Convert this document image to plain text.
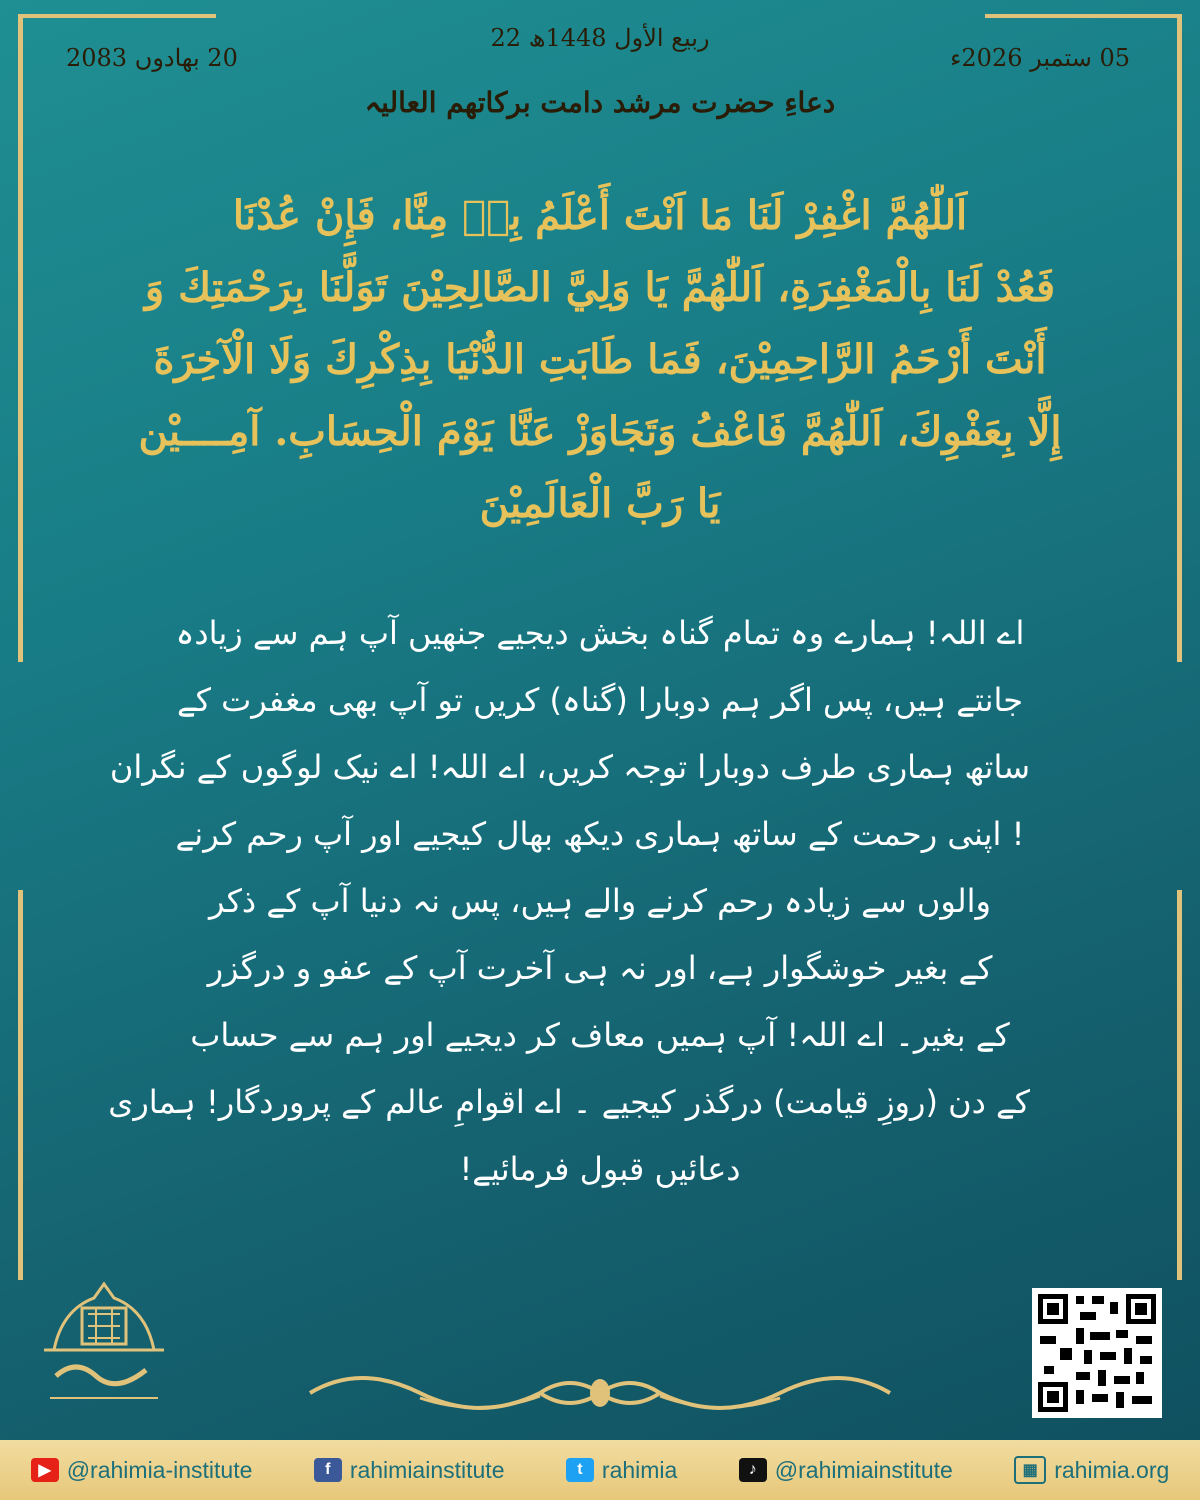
22 ربیع الأول 1448ھ
05 ستمبر 2026ء
20 بھادوں 2083
دعاءِ حضرت مرشد دامت برکاتھم العالیہ
اَللّٰهُمَّ اغْفِرْ لَنَا مَا اَنْتَ أَعْلَمُ بِهٖ مِنَّا، فَإِنْ عُدْنَا
فَعُدْ لَنَا بِالْمَغْفِرَةِ، اَللّٰهُمَّ يَا وَلِيَّ الصَّالِحِيْنَ تَوَلَّنَا بِرَحْمَتِكَ وَ
أَنْتَ أَرْحَمُ الرَّاحِمِيْنَ، فَمَا طَابَتِ الدُّنْيَا بِذِكْرِكَ وَلَا الْآخِرَةَ
إِلَّا بِعَفْوِكَ، اَللّٰهُمَّ فَاعْفُ وَتَجَاوَزْ عَنَّا يَوْمَ الْحِسَابِ. آمِــــيْن
يَا رَبَّ الْعَالَمِيْنَ
اے اللہ! ہمارے وہ تمام گناہ بخش دیجیے جنھیں آپ ہم سے زیادہ
جانتے ہیں، پس اگر ہم دوبارا (گناہ) کریں تو آپ بھی مغفرت کے
ساتھ ہماری طرف دوبارا توجہ کریں، اے اللہ! اے نیک لوگوں کے نگران
! اپنی رحمت کے ساتھ ہماری دیکھ بھال کیجیے اور آپ رحم کرنے
والوں سے زیادہ رحم کرنے والے ہیں، پس نہ دنیا آپ کے ذکر
کے بغیر خوشگوار ہے، اور نہ ہی آخرت آپ کے عفو و درگزر
کے بغیر۔ اے اللہ! آپ ہمیں معاف کر دیجیے اور ہم سے حساب
کے دن (روزِ قیامت) درگذر کیجیے ۔ اے اقوامِ عالم کے پروردگار! ہماری
دعائیں قبول فرمائیے!
▶ @rahimia-institute	f rahimiainstitute	t rahimia	♪ @rahimiainstitute	▦ rahimia.org
